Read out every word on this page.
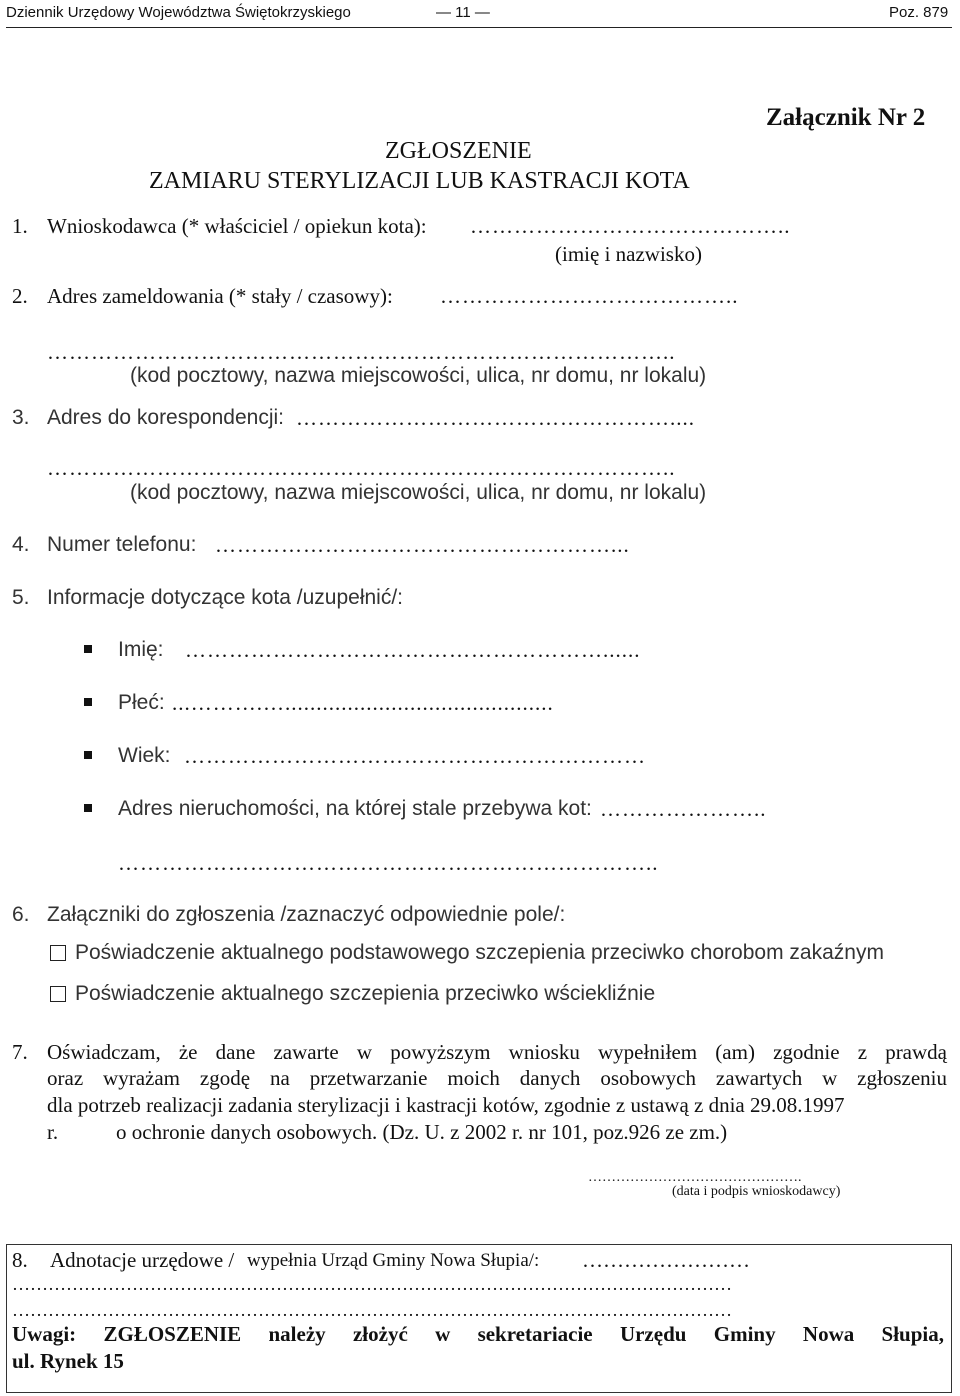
Dziennik Urzędowy Województwa Świętokrzyskiego	— 11 —	Poz. 879
Załącznik Nr 2
ZGŁOSZENIE
ZAMIARU STERYLIZACJI LUB KASTRACJI KOTA
1. Wnioskodawca (* właściciel / opiekun kota): ……………………………………..
(imię i nazwisko)
2. Adres zameldowania (* stały / czasowy): …………………………………..
…………………………………………………………………………..
(kod pocztowy, nazwa miejscowości, ulica, nr domu, nr lokalu)
3. Adres do korespondencji: ……………………………………………....
…………………………………………………………………………..
(kod pocztowy, nazwa miejscowości, ulica, nr domu, nr lokalu)
4. Numer telefonu: ………………………………………………...
5. Informacje dotyczące kota /uzupełnić/:
Imię: …………………………………………………......
Płeć: ...……….…...........................................
Wiek: ………………………………………………………
Adres nieruchomości, na której stale przebywa kot: …………………..
………………………………………………………………..
6. Załączniki do zgłoszenia /zaznaczyć odpowiednie pole/:
Poświadczenie aktualnego podstawowego szczepienia przeciwko chorobom zakaźnym
Poświadczenie aktualnego szczepienia przeciwko wściekliźnie
7. Oświadczam, że dane zawarte w powyższym wniosku wypełniłem (am) zgodnie z prawdą
oraz wyrażam zgodę na przetwarzanie moich danych osobowych zawartych w zgłoszeniu
dla potrzeb realizacji zadania sterylizacji i kastracji kotów, zgodnie z ustawą z dnia 29.08.1997
r.	o ochronie danych osobowych. (Dz. U. z 2002 r. nr 101, poz.926 ze zm.)
……………………………………….
(data i podpis wnioskodawcy)
8. Adnotacje urzędowe / wypełnia Urząd Gminy Nowa Słupia/: ……………………
…………………………………………………………………………………………………………
…………………………………………………………………………………………………………
Uwagi: ZGŁOSZENIE należy złożyć w sekretariacie Urzędu Gminy Nowa Słupia,
ul. Rynek 15
